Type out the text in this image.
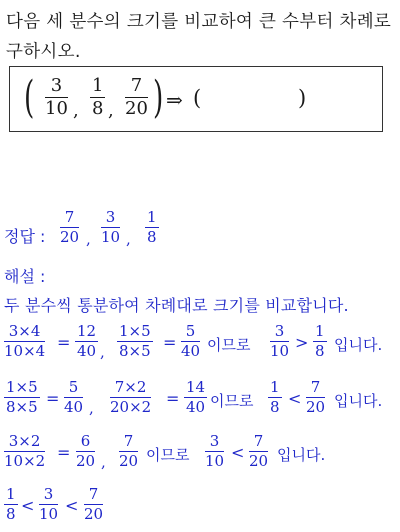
다음 세 분수의 크기를 비교하여 큰 수부터 차례로
구하시오.
( 3
10 ,
1
8 ,
7
20 ) ⇒ (	)
정답 :
7
20 ,
3
10 ,
1
8
해설 :
두 분수씩 통분하여 차례대로 크기를 비교합니다.
3×4
10×4 =
12
40 ,
1×5
8×5 =
5
40 이므로
3
10 >
1
8 입니다.
1×5
8×5 =
5
40 ,
7×2
20×2 =
14
40 이므로
1
8 <
7
20 입니다.
3×2
10×2 =
6
20 ,
7
20 이므로
3
10 <
7
20 입니다.
1
8 <
3
10 <
7
20
